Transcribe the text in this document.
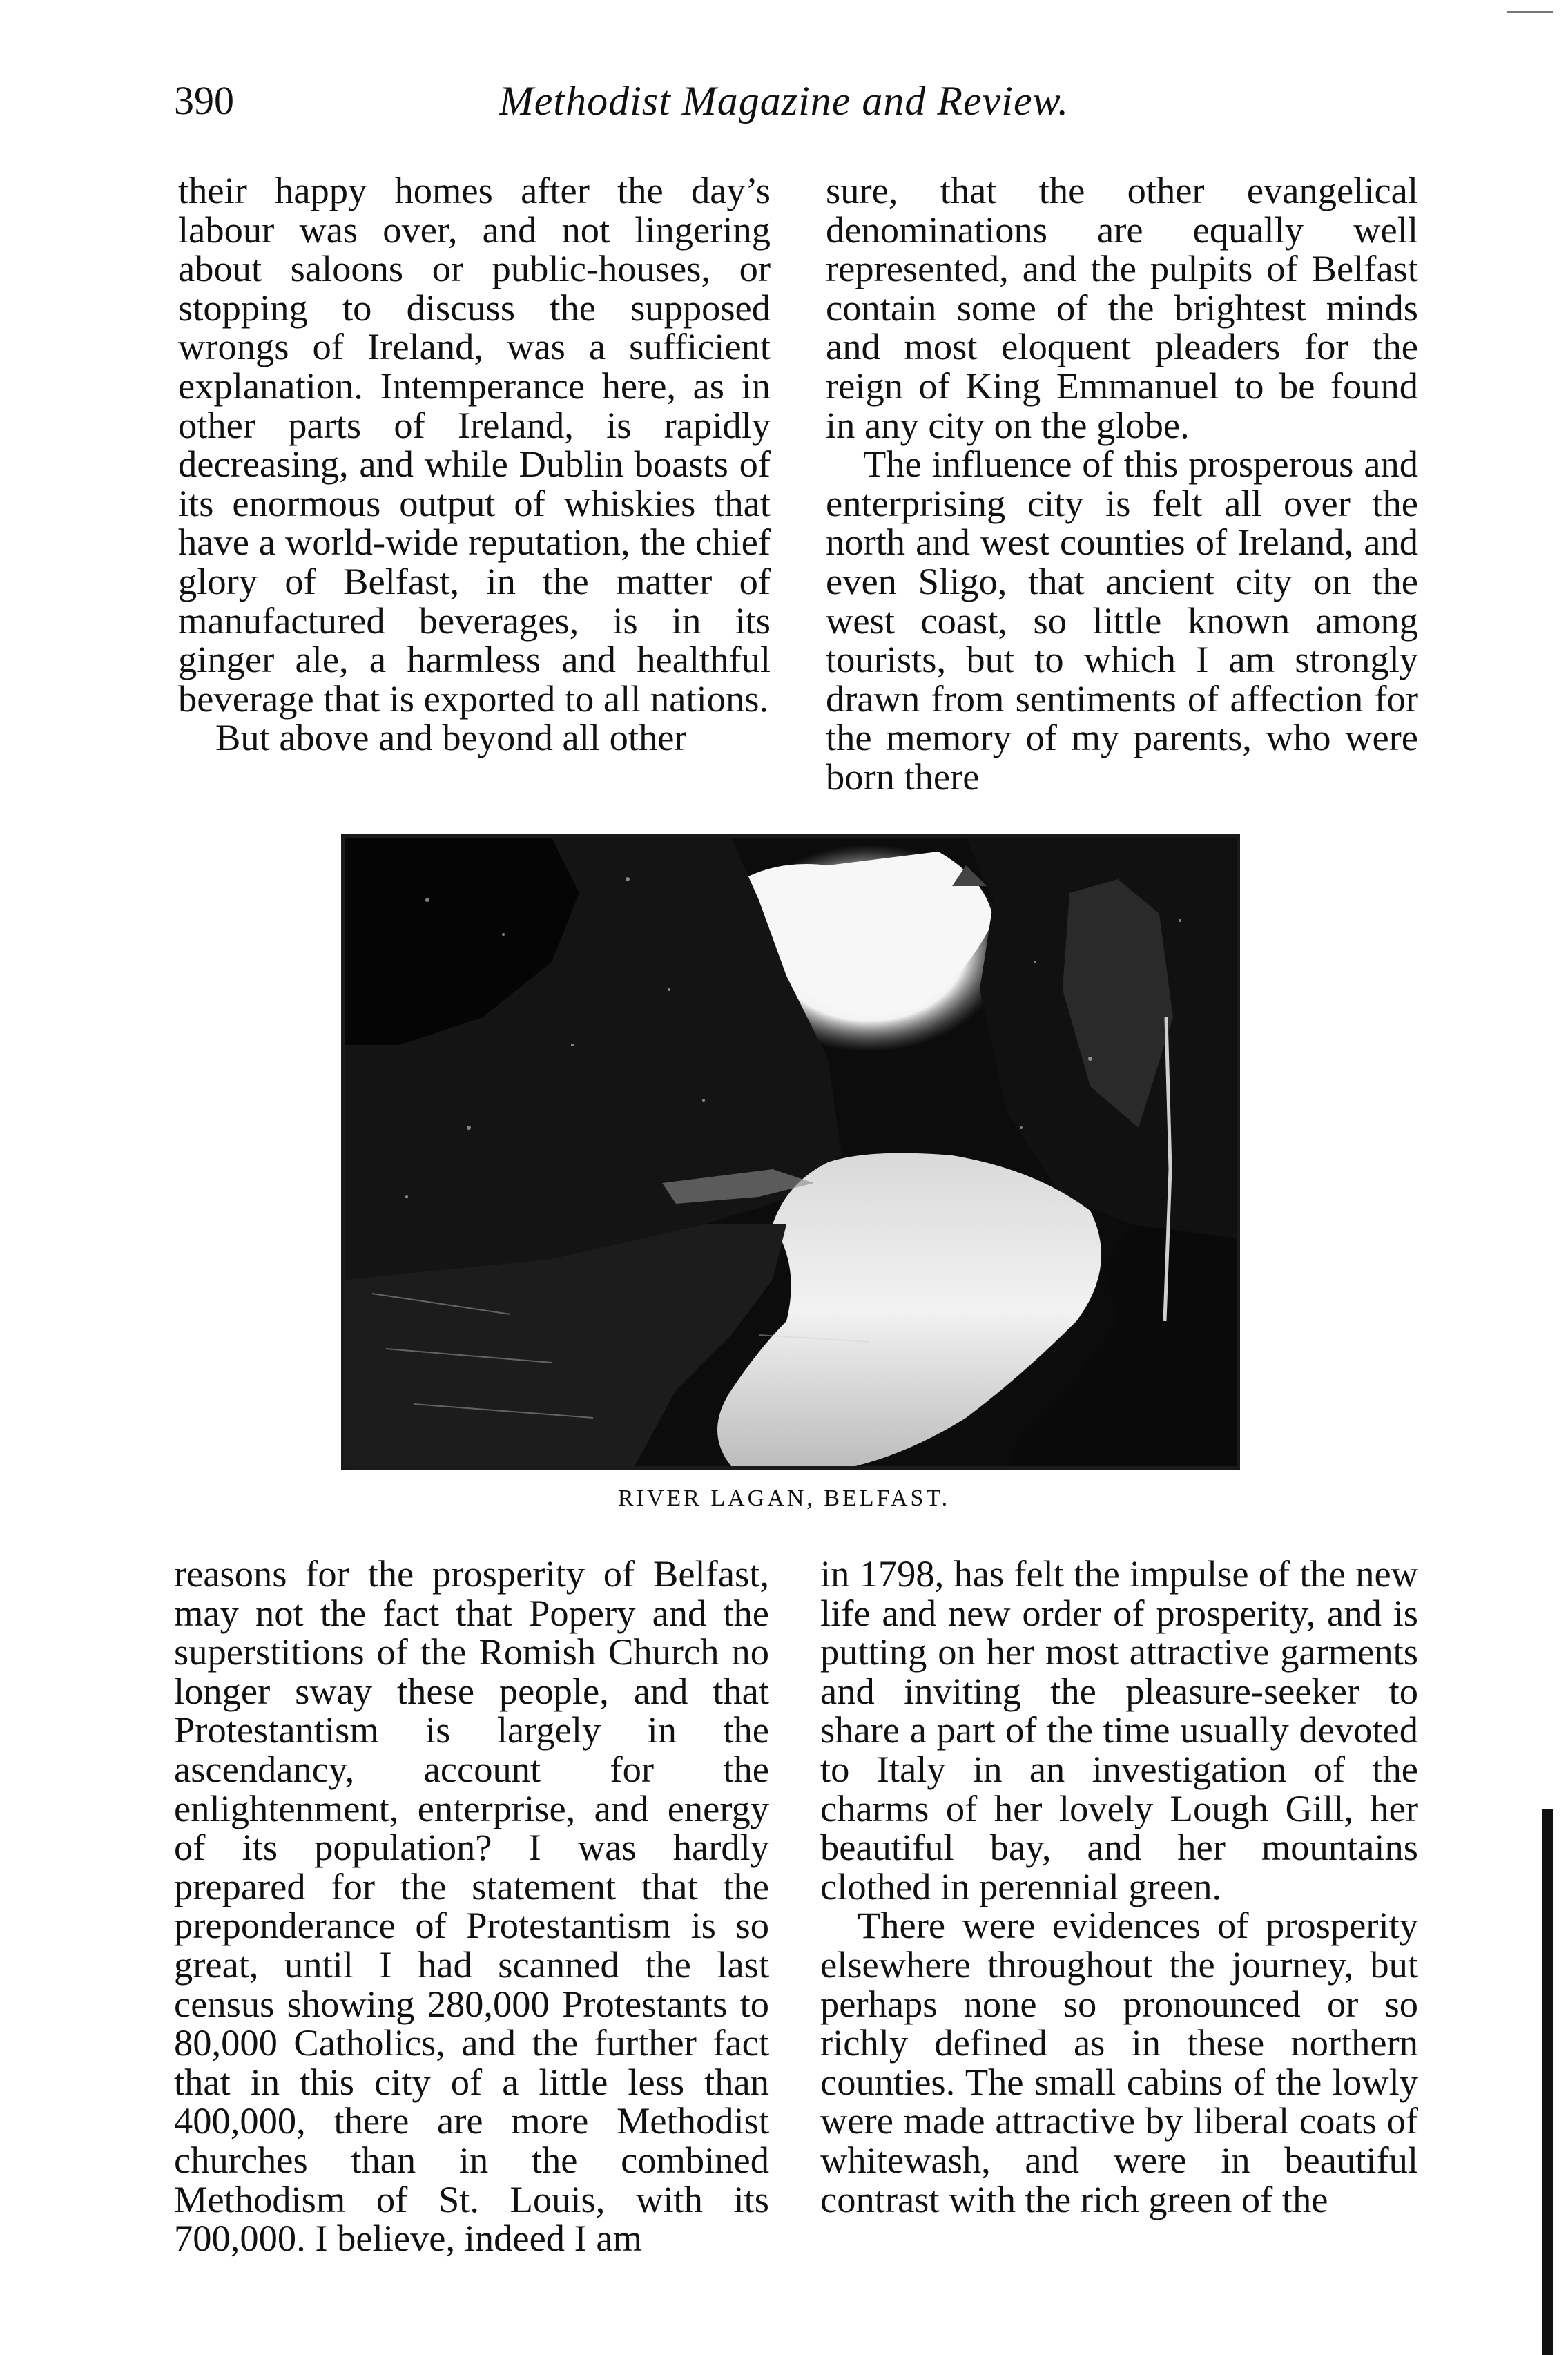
390	Methodist Magazine and Review.

their happy homes after the day’s labour was over, and not lingering about saloons or public-houses, or stopping to discuss the supposed wrongs of Ireland, was a sufficient explanation. Intemperance here, as in other parts of Ireland, is rapidly decreasing, and while Dublin boasts of its enormous output of whiskies that have a world-wide reputation, the chief glory of Belfast, in the matter of manufactured beverages, is in its ginger ale, a harmless and healthful beverage that is exported to all nations.

But above and beyond all other

sure, that the other evangelical denominations are equally well represented, and the pulpits of Belfast contain some of the brightest minds and most eloquent pleaders for the reign of King Emmanuel to be found in any city on the globe.

The influence of this prosperous and enterprising city is felt all over the north and west counties of Ireland, and even Sligo, that ancient city on the west coast, so little known among tourists, but to which I am strongly drawn from sentiments of affection for the memory of my parents, who were born there

RIVER LAGAN, BELFAST.

reasons for the prosperity of Belfast, may not the fact that Popery and the superstitions of the Romish Church no longer sway these people, and that Protestantism is largely in the ascendancy, account for the enlightenment, enterprise, and energy of its population? I was hardly prepared for the statement that the preponderance of Protestantism is so great, until I had scanned the last census showing 280,000 Protestants to 80,000 Catholics, and the further fact that in this city of a little less than 400,000, there are more Methodist churches than in the combined Methodism of St. Louis, with its 700,000. I believe, indeed I am

in 1798, has felt the impulse of the new life and new order of prosperity, and is putting on her most attractive garments and inviting the pleasure-seeker to share a part of the time usually devoted to Italy in an investigation of the charms of her lovely Lough Gill, her beautiful bay, and her mountains clothed in perennial green.

There were evidences of prosperity elsewhere throughout the journey, but perhaps none so pronounced or so richly defined as in these northern counties. The small cabins of the lowly were made attractive by liberal coats of whitewash, and were in beautiful contrast with the rich green of the
